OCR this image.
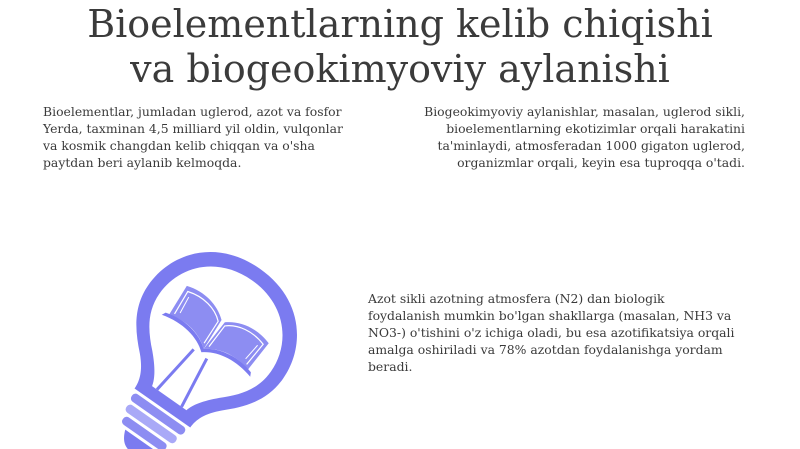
Bioelementlarning kelib chiqishi
va biogeokimyoviy aylanishi

Bioelementlar, jumladan uglerod, azot va fosfor Yerda, taxminan 4,5 milliard yil oldin, vulqonlar va kosmik changdan kelib chiqqan va o'sha paytdan beri aylanib kelmoqda.

Biogeokimyoviy aylanishlar, masalan, uglerod sikli, bioelementlarning ekotizimlar orqali harakatini ta'minlaydi, atmosferadan 1000 gigaton uglerod, organizmlar orqali, keyin esa tuproqqa o'tadi.

Azot sikli azotning atmosfera (N2) dan biologik foydalanish mumkin bo'lgan shakllarga (masalan, NH3 va NO3-) o'tishini o'z ichiga oladi, bu esa azotifikatsiya orqali amalga oshiriladi va 78% azotdan foydalanishga yordam beradi.
